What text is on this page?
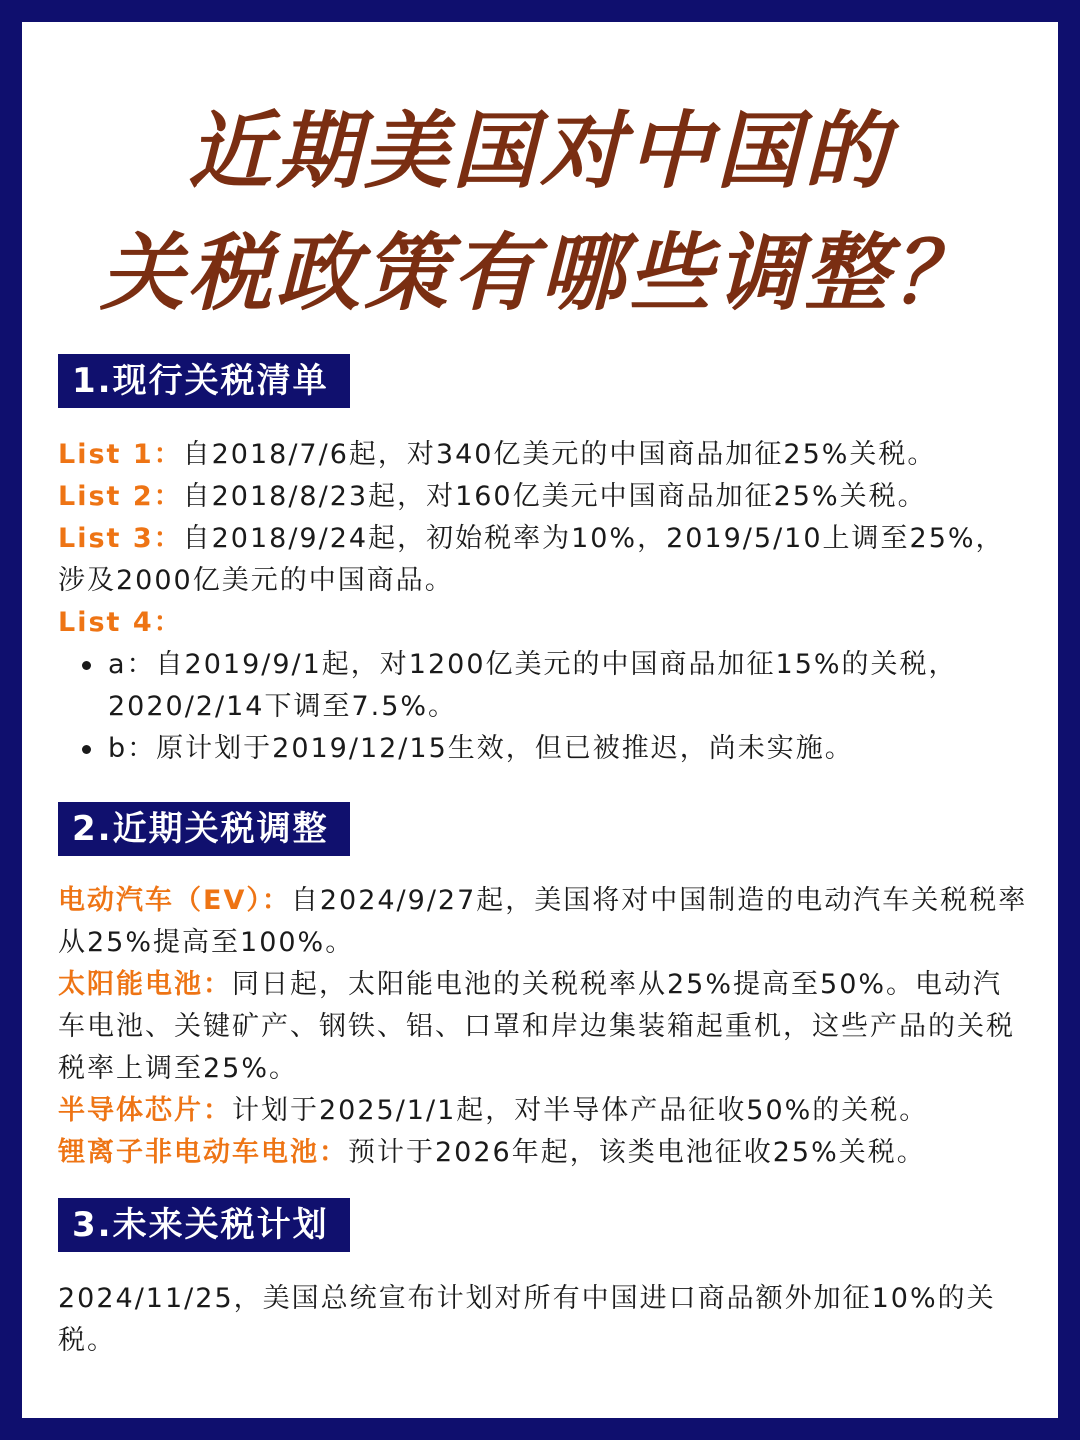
近期美国对中国的
关税政策有哪些调整？
1.现行关税清单

List 1：自2018/7/6起，对340亿美元的中国商品加征25%关税。

List 2：自2018/8/23起，对160亿美元中国商品加征25%关税。

List 3：自2018/9/24起，初始税率为10%，2019/5/10上调至25%，涉及2000亿美元的中国商品。

List 4：

a：自2019/9/1起，对1200亿美元的中国商品加征15%的关税，2020/2/14下调至7.5%。

b：原计划于2019/12/15生效，但已被推迟，尚未实施。

2.近期关税调整

电动汽车（EV）：自2024/9/27起，美国将对中国制造的电动汽车关税税率从25%提高至100%。

太阳能电池：同日起，太阳能电池的关税税率从25%提高至50%。电动汽车电池、关键矿产、钢铁、铝、口罩和岸边集装箱起重机，这些产品的关税税率上调至25%。

半导体芯片：计划于2025/1/1起，对半导体产品征收50%的关税。

锂离子非电动车电池：预计于2026年起，该类电池征收25%关税。

3.未来关税计划

2024/11/25，美国总统宣布计划对所有中国进口商品额外加征10%的关税。
